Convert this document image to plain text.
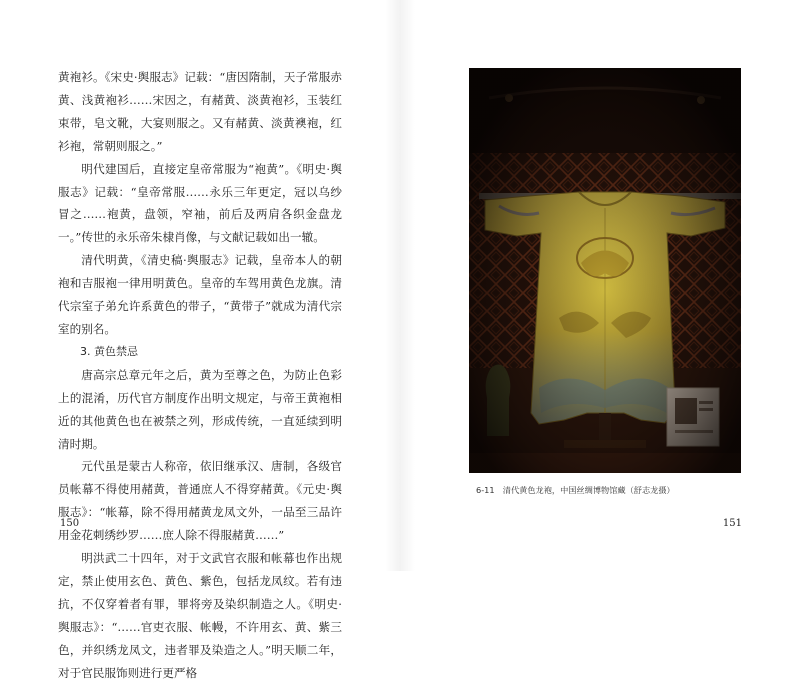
黄袍衫。《宋史·舆服志》记载：“唐因隋制，天子常服赤黄、浅黄袍衫……宋因之，有赭黄、淡黄袍衫，玉装红束带，皂文靴，大宴则服之。又有赭黄、淡黄襖袍，红衫袍，常朝则服之。”

明代建国后，直接定皇帝常服为“袍黄”。《明史·舆服志》记载：“皇帝常服……永乐三年更定，冠以乌纱冒之……袍黄，盘领，窄袖，前后及两肩各织金盘龙一。”传世的永乐帝朱棣肖像，与文献记载如出一辙。

清代明黄，《清史稿·舆服志》记载，皇帝本人的朝袍和吉服袍一律用明黄色。皇帝的车驾用黄色龙旗。清代宗室子弟允许系黄色的带子，“黄带子”就成为清代宗室的别名。

3. 黄色禁忌

唐高宗总章元年之后，黄为至尊之色，为防止色彩上的混淆，历代官方制度作出明文规定，与帝王黄袍相近的其他黄色也在被禁之列，形成传统，一直延续到明清时期。

元代虽是蒙古人称帝，依旧继承汉、唐制，各级官员帐幕不得使用赭黄，普通庶人不得穿赭黄。《元史·舆服志》：“帐幕，除不得用赭黄龙凤文外，一品至三品许用金花刺绣纱罗……庶人除不得服赭黄……”

明洪武二十四年，对于文武官衣服和帐幕也作出规定，禁止使用玄色、黄色、紫色，包括龙凤纹。若有违抗，不仅穿着者有罪，罪将旁及染织制造之人。《明史·舆服志》：“……官吏衣服、帐幔，不许用玄、黄、紫三色，并织绣龙凤文，违者罪及染造之人。”明天顺二年，对于官民服饰则进行更严格

150
6-11　清代黄色龙袍，中国丝绸博物馆藏（舒志龙摄）
151
